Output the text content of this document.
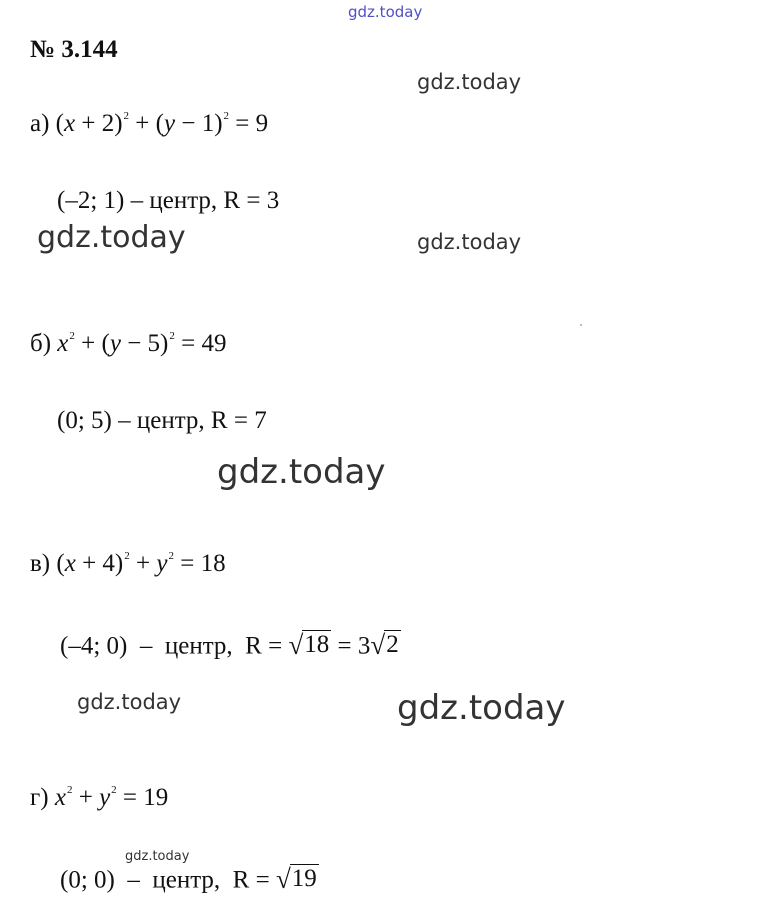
gdz.today
gdz.today
gdz.today	gdz.today
gdz.today
gdz.today	gdz.today
gdz.today
№ 3.144
а) $(x + 2)^2 + (y - 1)^2 = 9$
(–2; 1) – центр, R = 3
б) $x^2 + (y - 5)^2 = 49$
(0; 5) – центр, R = 7
в) $(x + 4)^2 + y^2 = 18$
(–4; 0)  –  центр,  R = √ 18 = 3 √ 2
г) $x^2 + y^2 = 19$
(0; 0)  –  центр,  R = √ 19
